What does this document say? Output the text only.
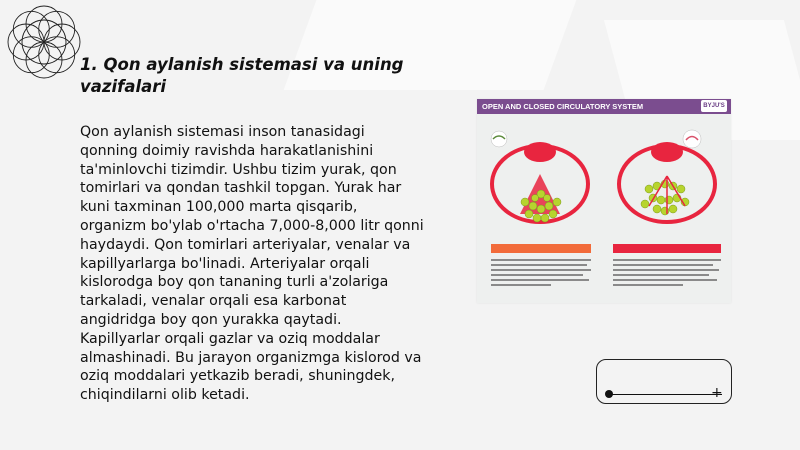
1. Qon aylanish sistemasi va uning vazifalari

Qon aylanish sistemasi inson tanasidagi qonning doimiy ravishda harakatlanishini ta'minlovchi tizimdir. Ushbu tizim yurak, qon tomirlari va qondan tashkil topgan. Yurak har kuni taxminan 100,000 marta qisqarib, organizm bo'ylab o'rtacha 7,000-8,000 litr qonni haydaydi. Qon tomirlari arteriyalar, venalar va kapillyarlarga bo'linadi. Arteriyalar orqali kislorodga boy qon tananing turli a'zolariga tarkaladi, venalar orqali esa karbonat angidridga boy qon yurakka qaytadi. Kapillyarlar orqali gazlar va oziq moddalar almashinadi. Bu jarayon organizmga kislorod va oziq moddalari yetkazib beradi, shuningdek, chiqindilarni olib ketadi.

OPEN AND CLOSED CIRCULATORY SYSTEM	BYJU'S
+
